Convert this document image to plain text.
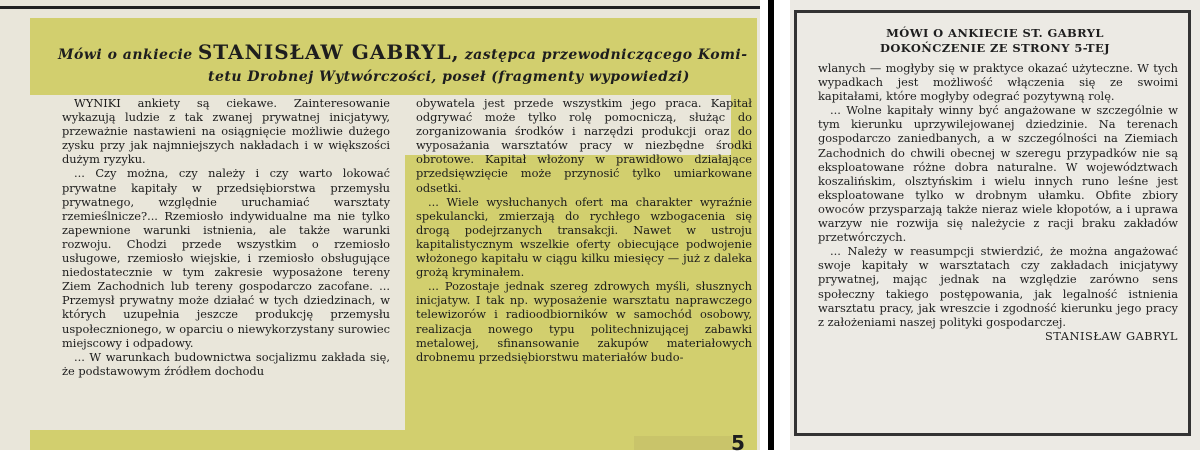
Mówi o ankiecie STANISŁAW GABRYL, zastępca przewodniczącego Komi-
tetu Drobnej Wytwórczości, poseł (fragmenty wypowiedzi)

WYNIKI ankiety są ciekawe. Zainteresowanie wykazują ludzie z tak zwanej prywatnej inicjatywy, przeważnie nastawieni na osiągnięcie możliwie dużego zysku przy jak najmniejszych nakładach i w większości dużym ryzyku.

... Czy można, czy należy i czy warto lokować prywatne kapitały w przedsiębiorstwa przemysłu prywatnego, względnie uruchamiać warsztaty rzemieślnicze?... Rzemiosło indywidualne ma nie tylko zapewnione warunki istnienia, ale także warunki rozwoju. Chodzi przede wszystkim o rzemiosło usługowe, rzemiosło wiejskie, i rzemiosło obsługujące niedostatecznie w tym zakresie wyposażone tereny Ziem Zachodnich lub tereny gospodarczo zacofane. ... Przemysł prywatny może działać w tych dziedzinach, w których uzupełnia jeszcze produkcję przemysłu uspołecznionego, w oparciu o niewykorzystany surowiec miejscowy i odpadowy.

... W warunkach budownictwa socjalizmu zakłada się, że podstawowym źródłem dochodu

obywatela jest przede wszystkim jego praca. Kapitał odgrywać może tylko rolę pomocniczą, służąc do zorganizowania środków i narzędzi produkcji oraz do wyposażania warsztatów pracy w niezbędne środki obrotowe. Kapitał włożony w prawidłowo działające przedsięwzięcie może przynosić tylko umiarkowane odsetki.

... Wiele wysłuchanych ofert ma charakter wyraźnie spekulancki, zmierzają do rychłego wzbogacenia się drogą podejrzanych transakcji. Nawet w ustroju kapitalistycznym wszelkie oferty obiecujące podwojenie włożonego kapitału w ciągu kilku miesięcy — już z daleka grożą kryminałem.

... Pozostaje jednak szereg zdrowych myśli, słusznych inicjatyw. I tak np. wyposażenie warsztatu naprawczego telewizorów i radioodbiorników w samochód osobowy, realizacja nowego typu politechnizującej zabawki metalowej, sfinansowanie zakupów materiałowych drobnemu przedsiębiorstwu materiałów budo-

5
MÓWI O ANKIECIE ST. GABRYL
DOKOŃCZENIE ZE STRONY 5-TEJ

wlanych — mogłyby się w praktyce okazać użyteczne. W tych wypadkach jest możliwość włączenia się ze swoimi kapitałami, które mogłyby odegrać pozytywną rolę.

... Wolne kapitały winny być angażowane w szczególnie w tym kierunku uprzywilejowanej dziedzinie. Na terenach gospodarczo zaniedbanych, a w szczególności na Ziemiach Zachodnich do chwili obecnej w szeregu przypadków nie są eksploatowane różne dobra naturalne. W województwach koszalińskim, olsztyńskim i wielu innych runo leśne jest eksploatowane tylko w drobnym ułamku. Obfite zbiory owoców przysparzają także nieraz wiele kłopotów, a i uprawa warzyw nie rozwija się należycie z racji braku zakładów przetwórczych.

... Należy w reasumpcji stwierdzić, że można angażować swoje kapitały w warsztatach czy zakładach inicjatywy prywatnej, mając jednak na względzie zarówno sens społeczny takiego postępowania, jak legalność istnienia warsztatu pracy, jak wreszcie i zgodność kierunku jego pracy z założeniami naszej polityki gospodarczej.

STANISŁAW GABRYL
